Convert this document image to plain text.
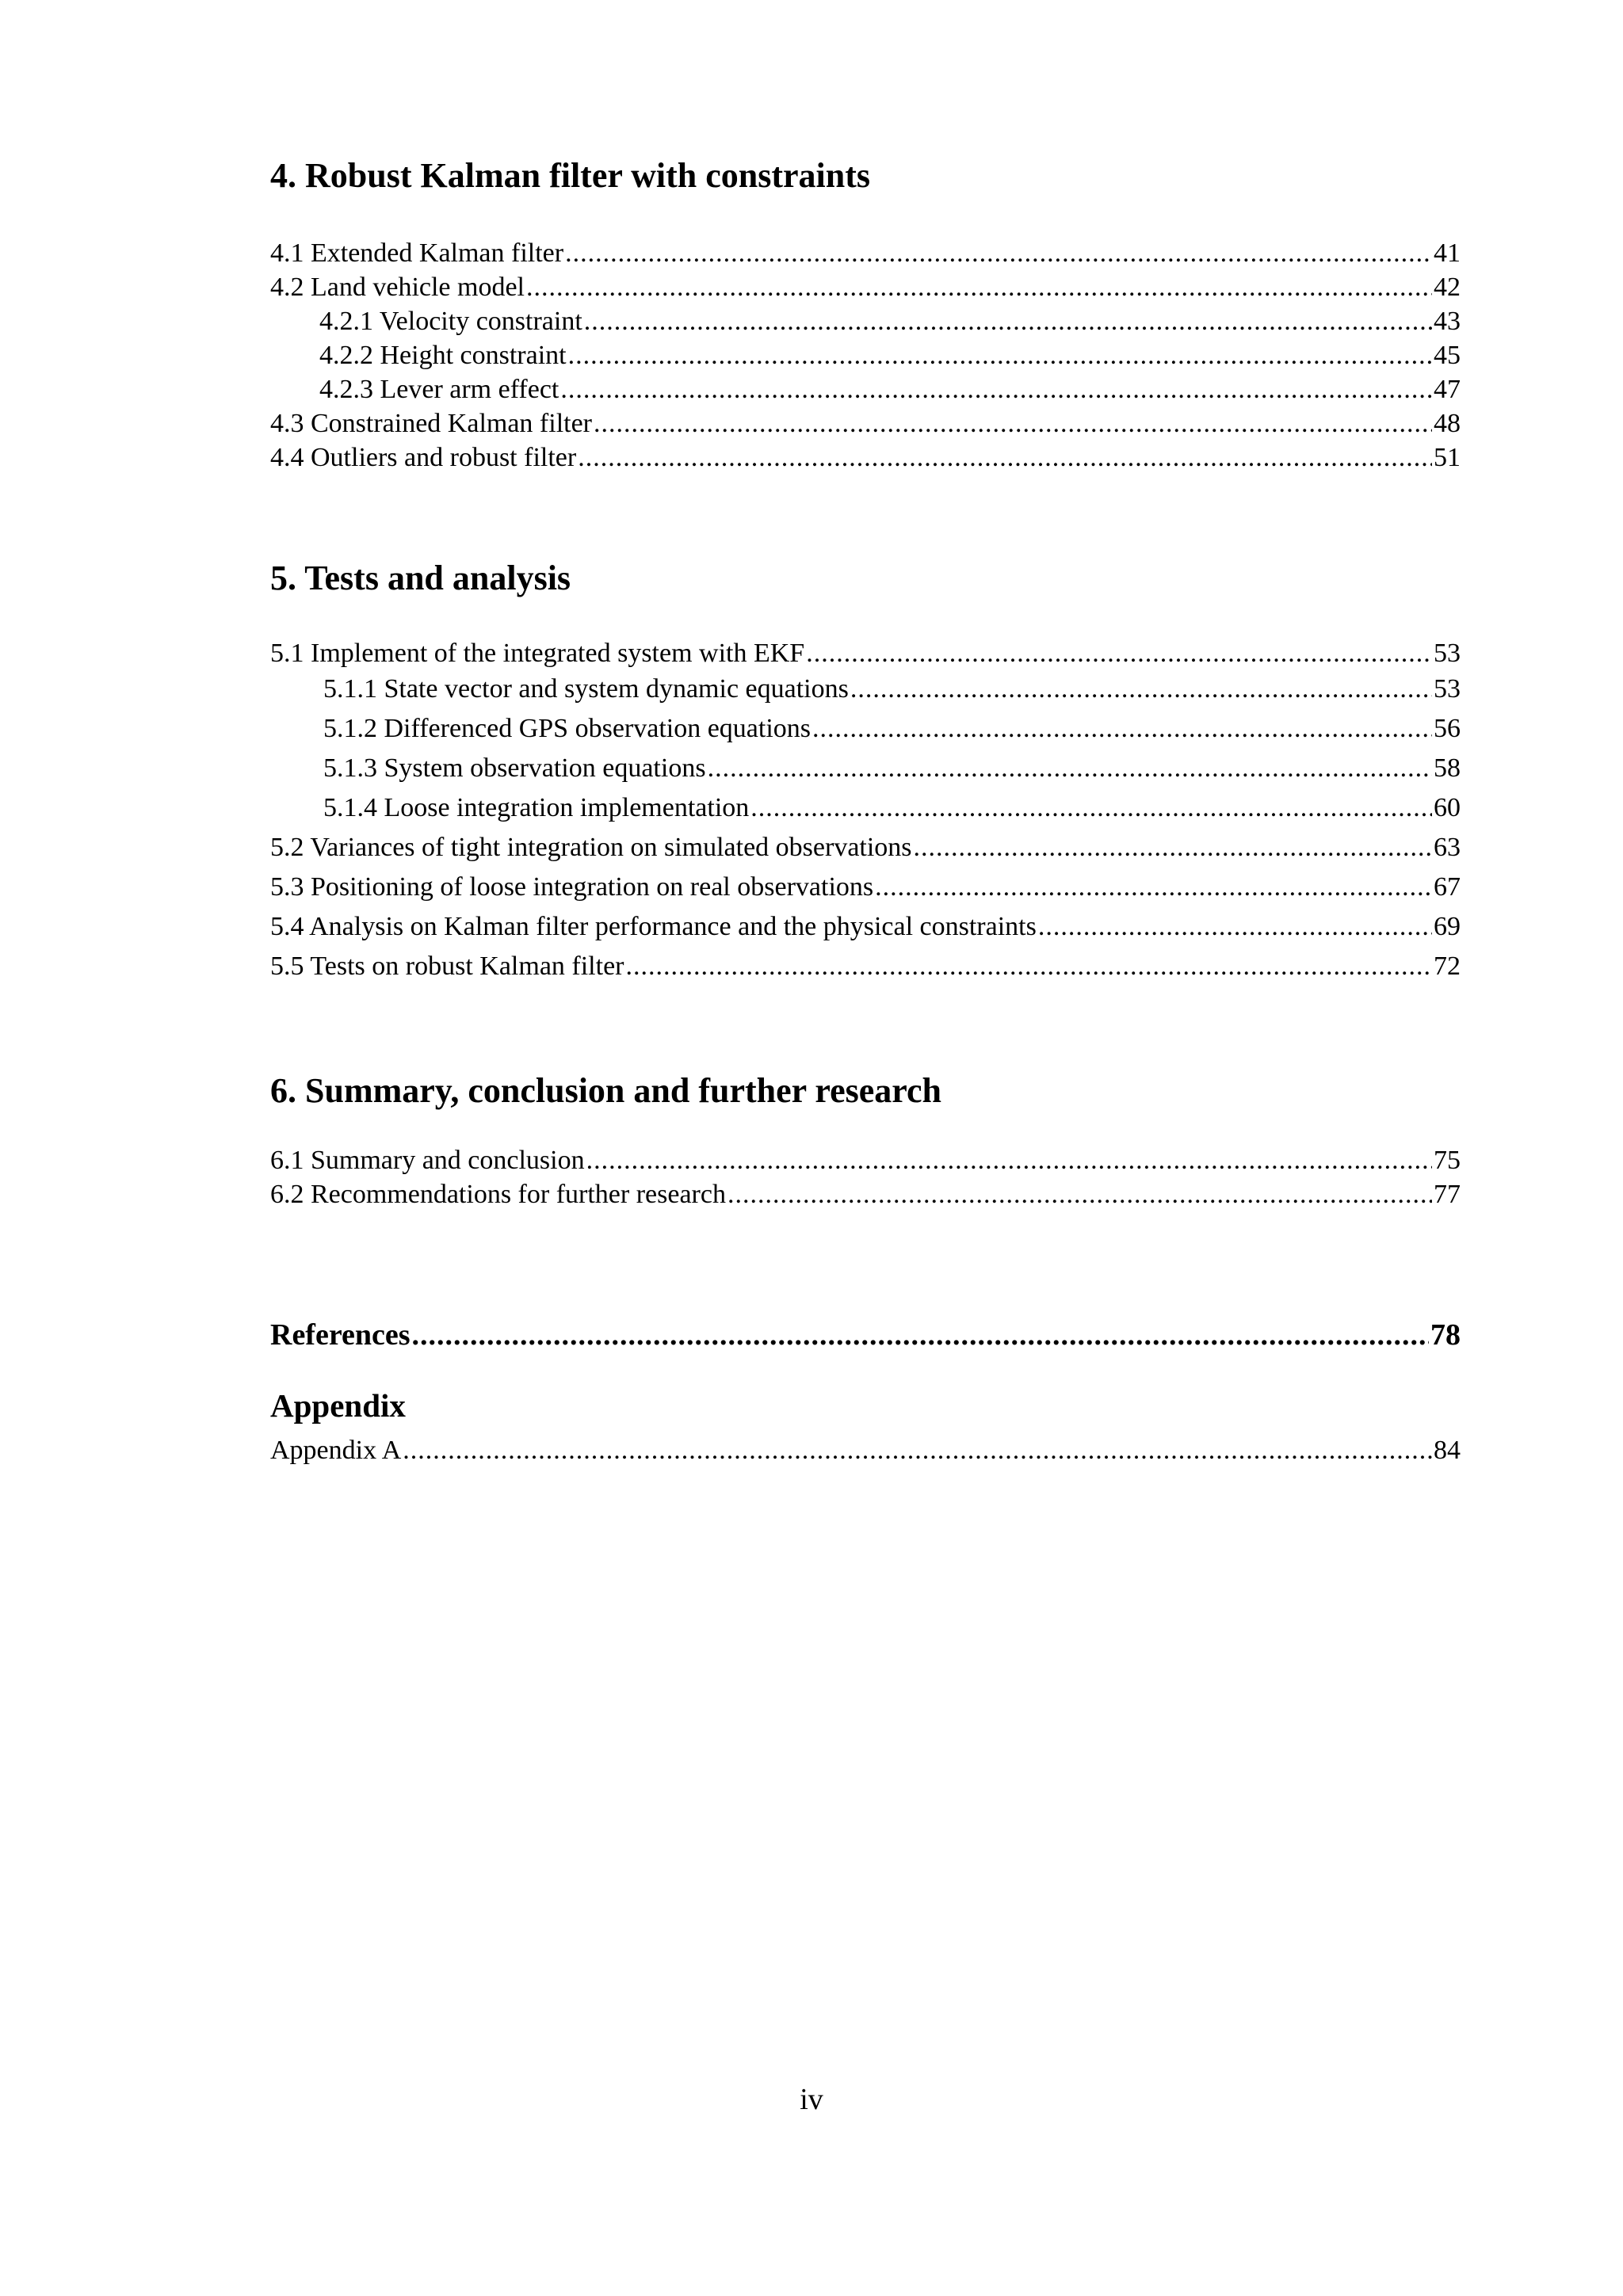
4. Robust Kalman filter with constraints
4.1 Extended Kalman filter .....	41
4.2 Land vehicle model .....	42
4.2.1 Velocity constraint .....	43
4.2.2 Height constraint .....	45
4.2.3 Lever arm effect .....	47
4.3 Constrained Kalman filter .....	48
4.4 Outliers and robust filter .....	51
5. Tests and analysis
5.1 Implement of the integrated system with EKF .....	53
5.1.1 State vector and system dynamic equations .....	53
5.1.2 Differenced GPS observation equations .....	56
5.1.3 System observation equations .....	58
5.1.4 Loose integration implementation .....	60
5.2 Variances of tight integration on simulated observations .....	63
5.3 Positioning of loose integration on real observations .....	67
5.4 Analysis on Kalman filter performance and the physical constraints .....	69
5.5 Tests on robust Kalman filter .....	72
6. Summary, conclusion and further research
6.1 Summary and conclusion .....	75
6.2 Recommendations for further research .....	77
References .....	78
Appendix
Appendix A .....	84
iv
